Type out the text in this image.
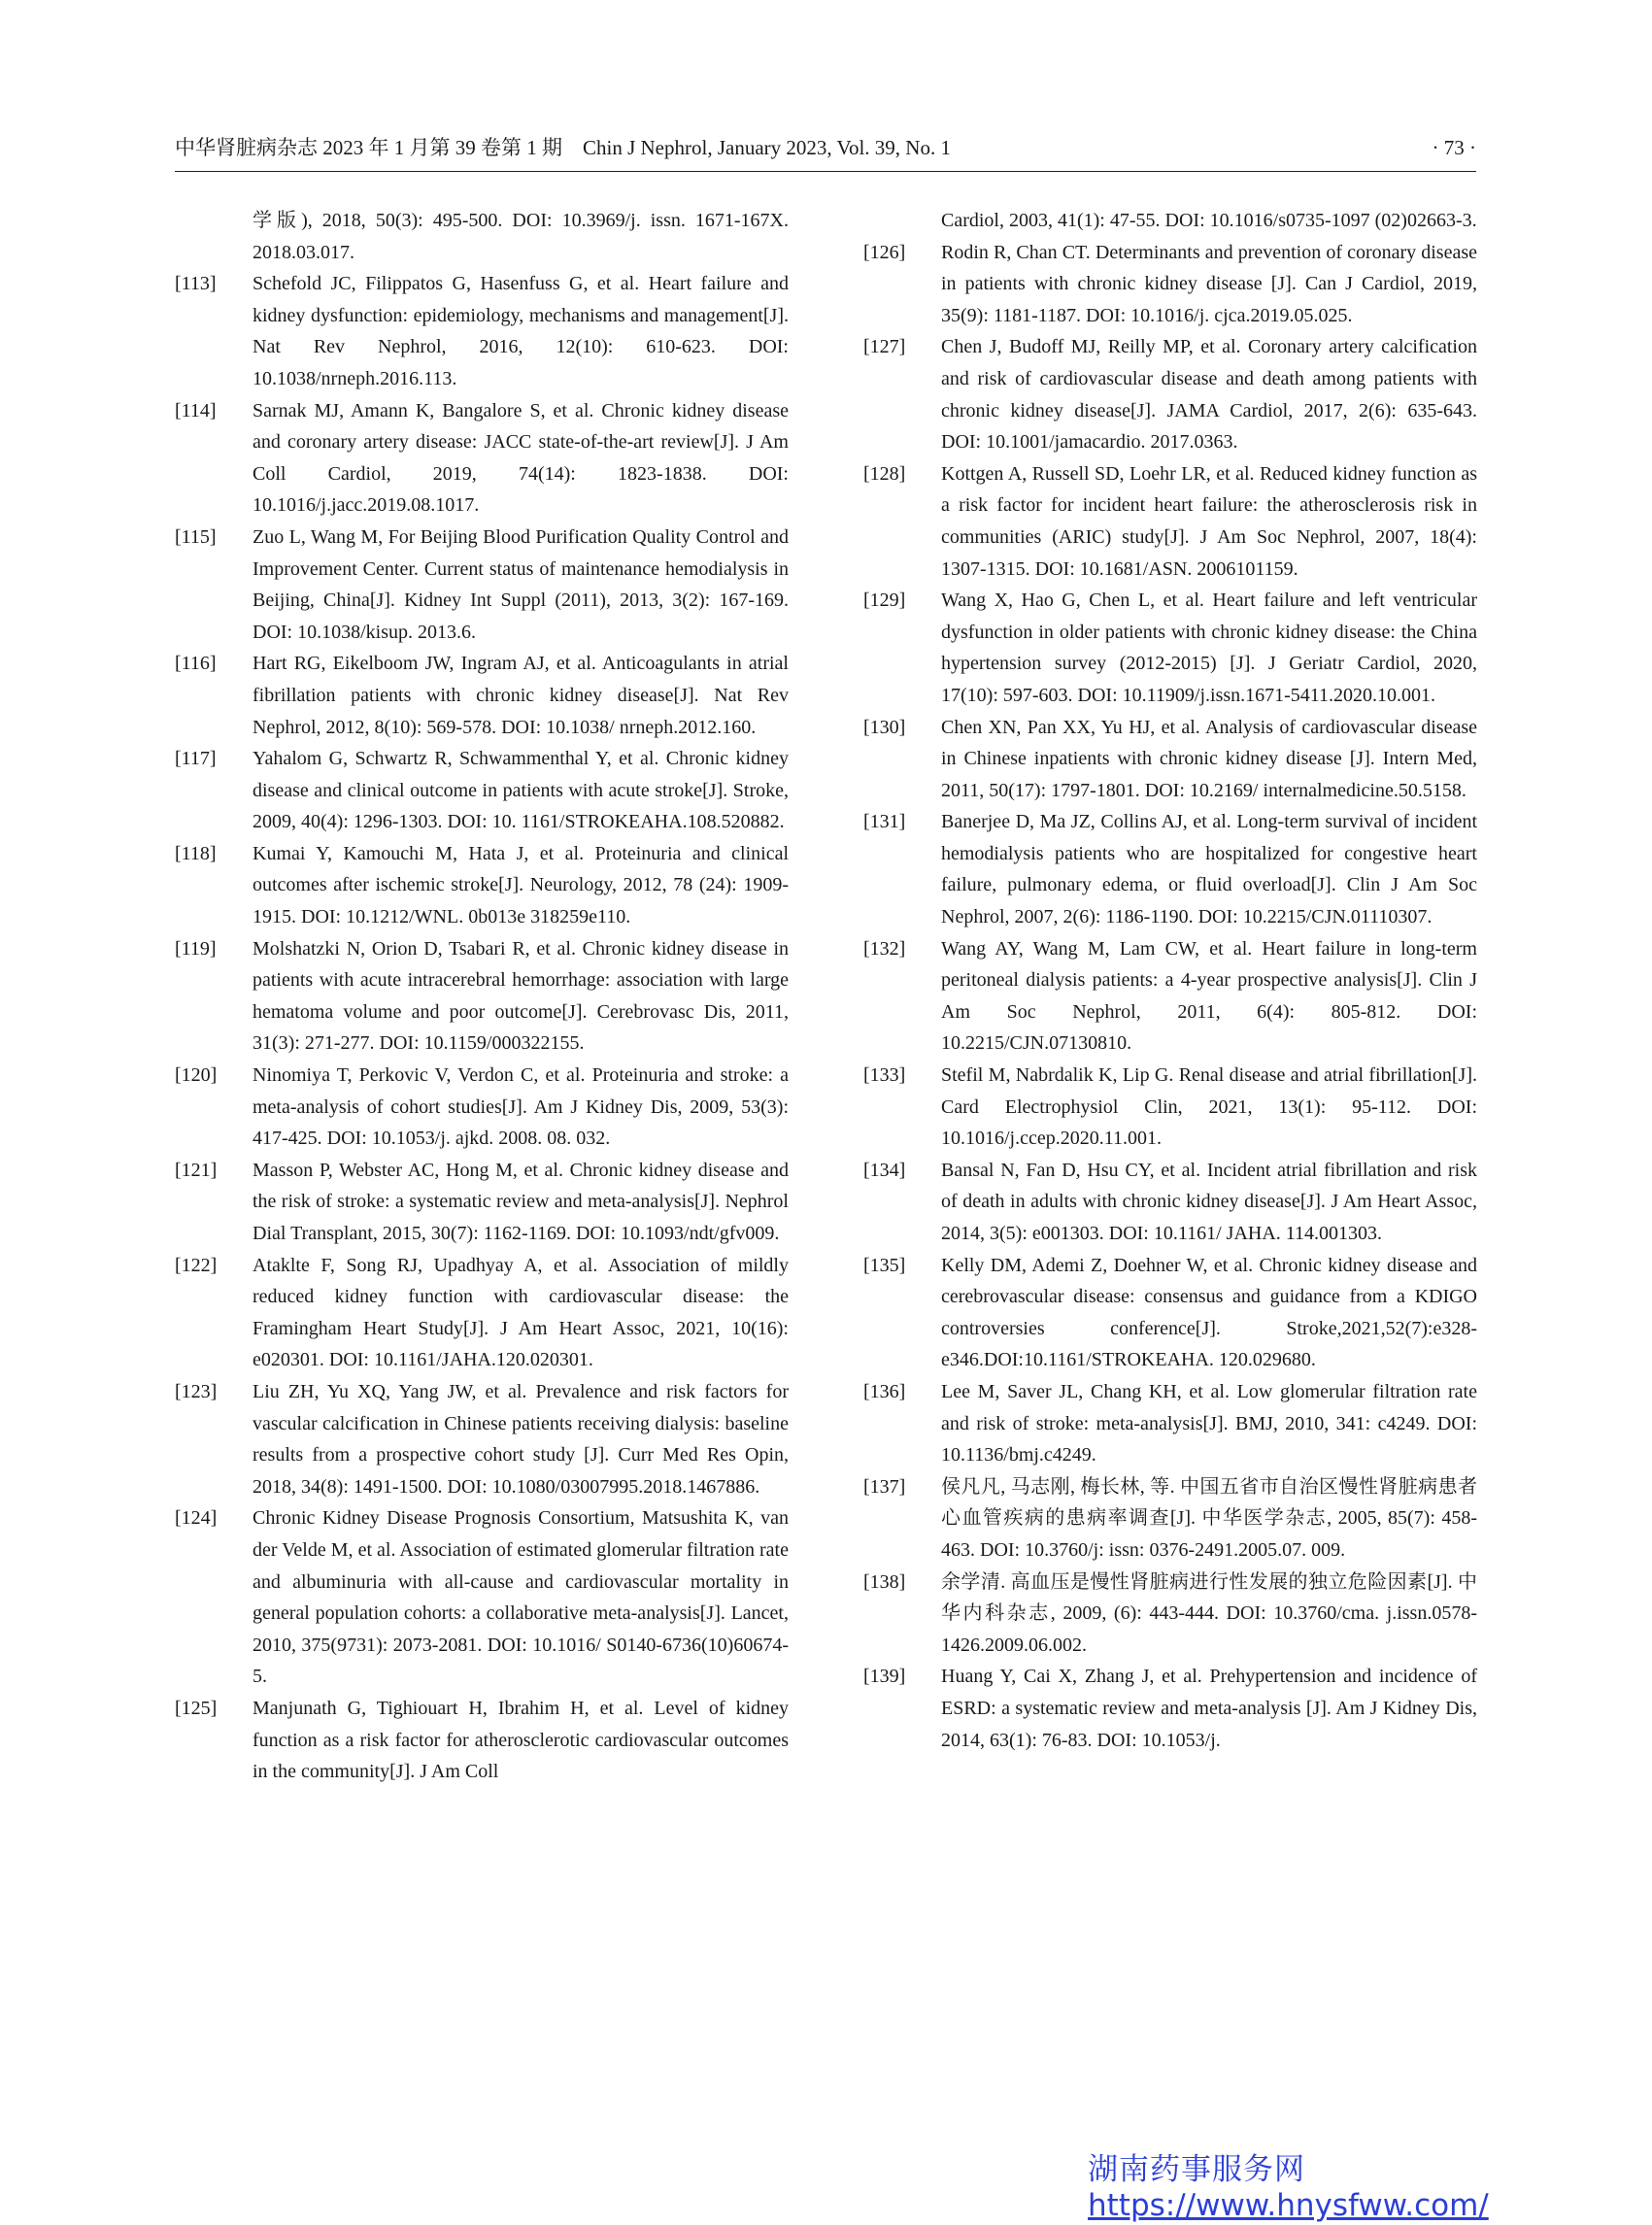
中华肾脏病杂志 2023 年 1 月第 39 卷第 1 期　Chin J Nephrol, January 2023, Vol. 39, No. 1	· 73 ·
学版), 2018, 50(3): 495-500. DOI: 10.3969/j. issn. 1671-167X. 2018.03.017.
[113] Schefold JC, Filippatos G, Hasenfuss G, et al. Heart failure and kidney dysfunction: epidemiology, mechanisms and management[J]. Nat Rev Nephrol, 2016, 12(10): 610-623. DOI: 10.1038/nrneph.2016.113.
[114] Sarnak MJ, Amann K, Bangalore S, et al. Chronic kidney disease and coronary artery disease: JACC state-of-the-art review[J]. J Am Coll Cardiol, 2019, 74(14): 1823-1838. DOI: 10.1016/j.jacc.2019.08.1017.
[115] Zuo L, Wang M, For Beijing Blood Purification Quality Control and Improvement Center. Current status of maintenance hemodialysis in Beijing, China[J]. Kidney Int Suppl (2011), 2013, 3(2): 167-169. DOI: 10.1038/kisup. 2013.6.
[116] Hart RG, Eikelboom JW, Ingram AJ, et al. Anticoagulants in atrial fibrillation patients with chronic kidney disease[J]. Nat Rev Nephrol, 2012, 8(10): 569-578. DOI: 10.1038/ nrneph.2012.160.
[117] Yahalom G, Schwartz R, Schwammenthal Y, et al. Chronic kidney disease and clinical outcome in patients with acute stroke[J]. Stroke, 2009, 40(4): 1296-1303. DOI: 10. 1161/STROKEAHA.108.520882.
[118] Kumai Y, Kamouchi M, Hata J, et al. Proteinuria and clinical outcomes after ischemic stroke[J]. Neurology, 2012, 78 (24): 1909-1915. DOI: 10.1212/WNL. 0b013e 318259e110.
[119] Molshatzki N, Orion D, Tsabari R, et al. Chronic kidney disease in patients with acute intracerebral hemorrhage: association with large hematoma volume and poor outcome[J]. Cerebrovasc Dis, 2011, 31(3): 271-277. DOI: 10.1159/000322155.
[120] Ninomiya T, Perkovic V, Verdon C, et al. Proteinuria and stroke: a meta-analysis of cohort studies[J]. Am J Kidney Dis, 2009, 53(3): 417-425. DOI: 10.1053/j. ajkd. 2008. 08. 032.
[121] Masson P, Webster AC, Hong M, et al. Chronic kidney disease and the risk of stroke: a systematic review and meta-analysis[J]. Nephrol Dial Transplant, 2015, 30(7): 1162-1169. DOI: 10.1093/ndt/gfv009.
[122] Ataklte F, Song RJ, Upadhyay A, et al. Association of mildly reduced kidney function with cardiovascular disease: the Framingham Heart Study[J]. J Am Heart Assoc, 2021, 10(16): e020301. DOI: 10.1161/JAHA.120.020301.
[123] Liu ZH, Yu XQ, Yang JW, et al. Prevalence and risk factors for vascular calcification in Chinese patients receiving dialysis: baseline results from a prospective cohort study [J]. Curr Med Res Opin, 2018, 34(8): 1491-1500. DOI: 10.1080/03007995.2018.1467886.
[124] Chronic Kidney Disease Prognosis Consortium, Matsushita K, van der Velde M, et al. Association of estimated glomerular filtration rate and albuminuria with all-cause and cardiovascular mortality in general population cohorts: a collaborative meta-analysis[J]. Lancet, 2010, 375(9731): 2073-2081. DOI: 10.1016/ S0140-6736(10)60674-5.
[125] Manjunath G, Tighiouart H, Ibrahim H, et al. Level of kidney function as a risk factor for atherosclerotic cardiovascular outcomes in the community[J]. J Am Coll
Cardiol, 2003, 41(1): 47-55. DOI: 10.1016/s0735-1097 (02)02663-3.
[126] Rodin R, Chan CT. Determinants and prevention of coronary disease in patients with chronic kidney disease [J]. Can J Cardiol, 2019, 35(9): 1181-1187. DOI: 10.1016/j. cjca.2019.05.025.
[127] Chen J, Budoff MJ, Reilly MP, et al. Coronary artery calcification and risk of cardiovascular disease and death among patients with chronic kidney disease[J]. JAMA Cardiol, 2017, 2(6): 635-643. DOI: 10.1001/jamacardio. 2017.0363.
[128] Kottgen A, Russell SD, Loehr LR, et al. Reduced kidney function as a risk factor for incident heart failure: the atherosclerosis risk in communities (ARIC) study[J]. J Am Soc Nephrol, 2007, 18(4): 1307-1315. DOI: 10.1681/ASN. 2006101159.
[129] Wang X, Hao G, Chen L, et al. Heart failure and left ventricular dysfunction in older patients with chronic kidney disease: the China hypertension survey (2012-2015) [J]. J Geriatr Cardiol, 2020, 17(10): 597-603. DOI: 10.11909/j.issn.1671-5411.2020.10.001.
[130] Chen XN, Pan XX, Yu HJ, et al. Analysis of cardiovascular disease in Chinese inpatients with chronic kidney disease [J]. Intern Med, 2011, 50(17): 1797-1801. DOI: 10.2169/ internalmedicine.50.5158.
[131] Banerjee D, Ma JZ, Collins AJ, et al. Long-term survival of incident hemodialysis patients who are hospitalized for congestive heart failure, pulmonary edema, or fluid overload[J]. Clin J Am Soc Nephrol, 2007, 2(6): 1186-1190. DOI: 10.2215/CJN.01110307.
[132] Wang AY, Wang M, Lam CW, et al. Heart failure in long-term peritoneal dialysis patients: a 4-year prospective analysis[J]. Clin J Am Soc Nephrol, 2011, 6(4): 805-812. DOI: 10.2215/CJN.07130810.
[133] Stefil M, Nabrdalik K, Lip G. Renal disease and atrial fibrillation[J]. Card Electrophysiol Clin, 2021, 13(1): 95-112. DOI: 10.1016/j.ccep.2020.11.001.
[134] Bansal N, Fan D, Hsu CY, et al. Incident atrial fibrillation and risk of death in adults with chronic kidney disease[J]. J Am Heart Assoc, 2014, 3(5): e001303. DOI: 10.1161/ JAHA. 114.001303.
[135] Kelly DM, Ademi Z, Doehner W, et al. Chronic kidney disease and cerebrovascular disease: consensus and guidance from a KDIGO controversies conference[J]. Stroke,2021,52(7):e328-e346.DOI:10.1161/STROKEAHA. 120.029680.
[136] Lee M, Saver JL, Chang KH, et al. Low glomerular filtration rate and risk of stroke: meta-analysis[J]. BMJ, 2010, 341: c4249. DOI: 10.1136/bmj.c4249.
[137] 侯凡凡, 马志刚, 梅长林, 等. 中国五省市自治区慢性肾脏病患者心血管疾病的患病率调查[J]. 中华医学杂志, 2005, 85(7): 458-463. DOI: 10.3760/j: issn: 0376-2491.2005.07. 009.
[138] 余学清. 高血压是慢性肾脏病进行性发展的独立危险因素[J]. 中华内科杂志, 2009, (6): 443-444. DOI: 10.3760/cma. j.issn.0578-1426.2009.06.002.
[139] Huang Y, Cai X, Zhang J, et al. Prehypertension and incidence of ESRD: a systematic review and meta-analysis [J]. Am J Kidney Dis, 2014, 63(1): 76-83. DOI: 10.1053/j.
湖南药事服务网
https://www.hnysfww.com/
